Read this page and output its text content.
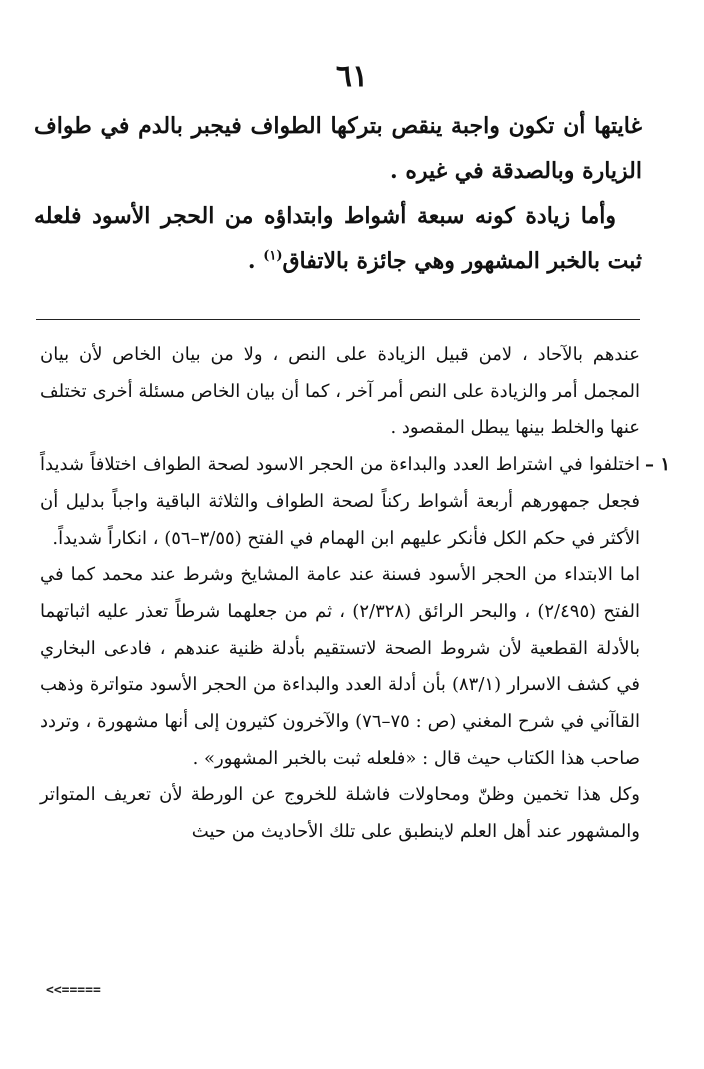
٦١

غايتها أن تكون واجبة ينقص بتركها الطواف فيجبر بالدم في طواف الزيارة وبالصدقة في غيره .

وأما زيادة كونه سبعة أشواط وابتداؤه من الحجر الأسود فلعله ثبت بالخبر المشهور وهي جائزة بالاتفاق$^{(١)}$ .

عندهم بالآحاد ، لامن قبيل الزيادة على النص ، ولا من بيان الخاص لأن بيان المجمل أمر والزيادة على النص أمر آخر ، كما أن بيان الخاص مسئلة أخرى تختلف عنها والخلط بينها يبطل المقصود .

١ –

اختلفوا في اشتراط العدد والبداءة من الحجر الاسود لصحة الطواف اختلافاً شديداً فجعل جمهورهم أربعة أشواط ركناً لصحة الطواف والثلاثة الباقية واجباً بدليل أن الأكثر في حكم الكل فأنكر عليهم ابن الهمام في الفتح (٣/٥٥–٥٦) ، انكاراً شديداً.

اما الابتداء من الحجر الأسود فسنة عند عامة المشايخ وشرط عند محمد كما في الفتح (٢/٤٩٥) ، والبحر الرائق (٢/٣٢٨) ، ثم من جعلهما شرطاً تعذر عليه اثباتهما بالأدلة القطعية لأن شروط الصحة لاتستقيم بأدلة ظنية عندهم ، فادعى البخاري في كشف الاسرار (٨٣/١) بأن أدلة العدد والبداءة من الحجر الأسود متواترة وذهب القاآني في شرح المغني (ص : ٧٥–٧٦) والآخرون كثيرون إلى أنها مشهورة ، وتردد صاحب هذا الكتاب حيث قال : «فلعله ثبت بالخبر المشهور» .

وكل هذا تخمين وظنّ ومحاولات فاشلة للخروج عن الورطة لأن تعريف المتواتر والمشهور عند أهل العلم لاينطبق على تلك الأحاديث من حيث

<<=====
